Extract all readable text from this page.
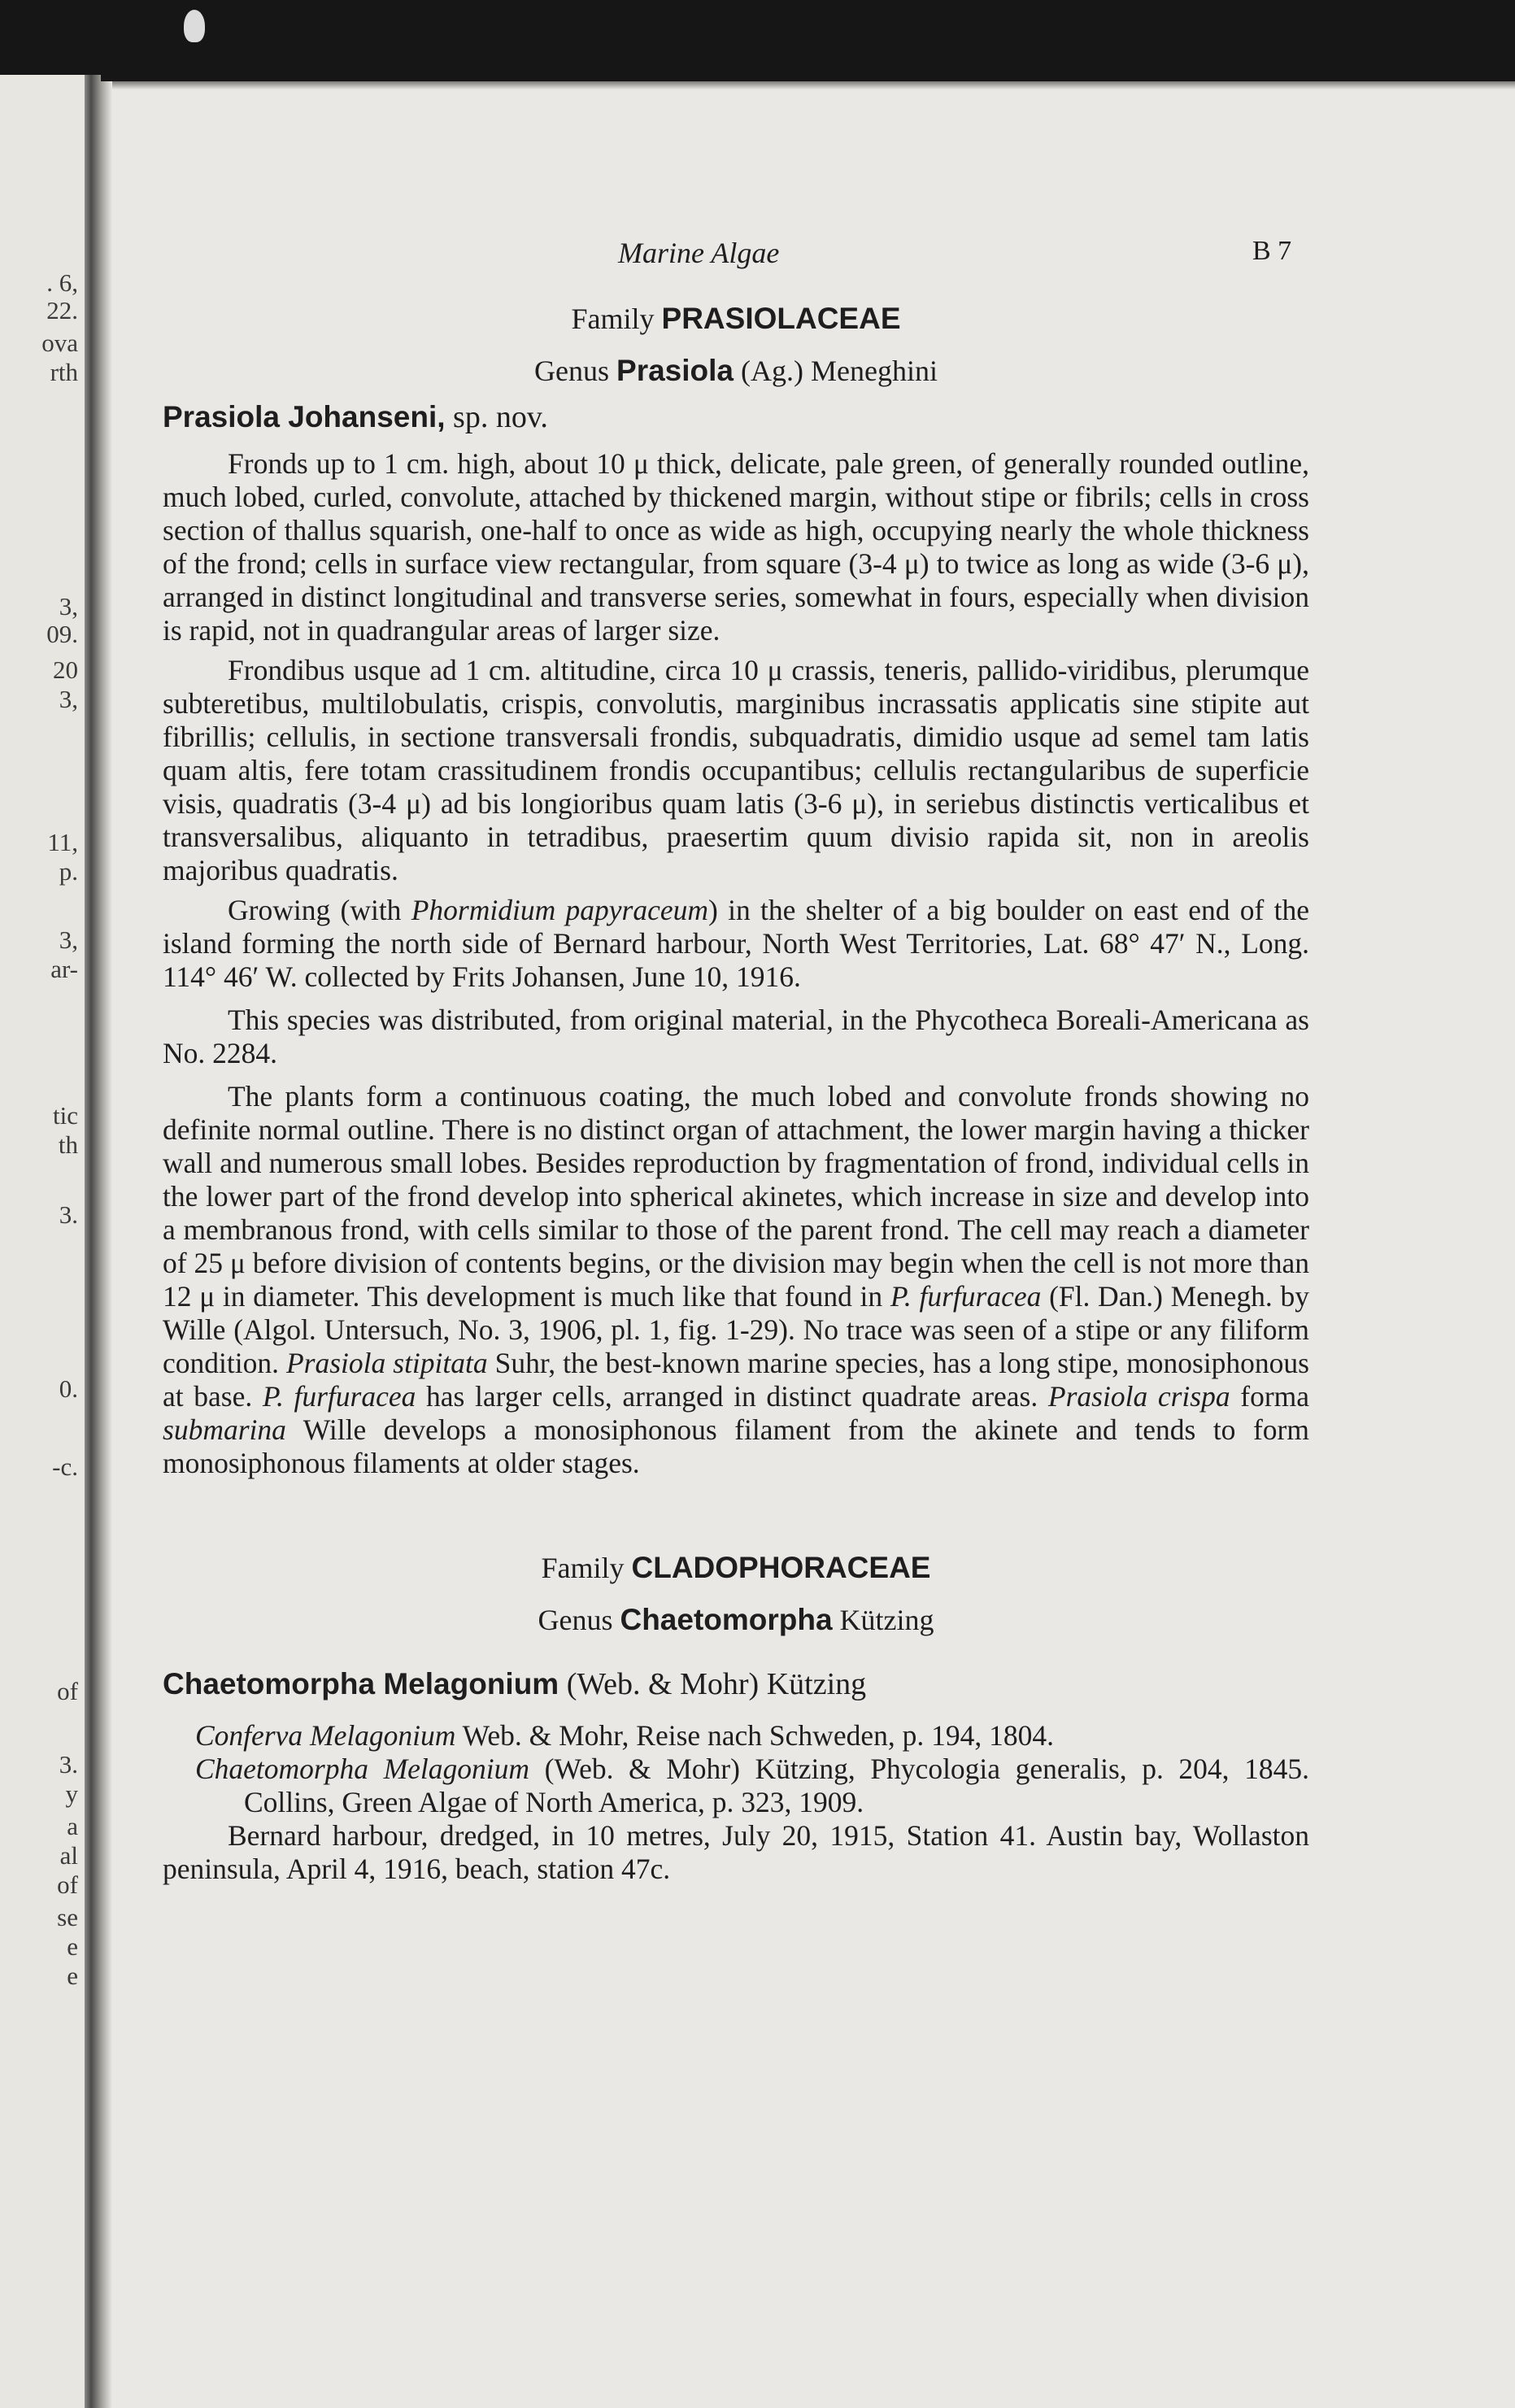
. 6,
22.
ova
rth
3,
09.
20
3,
11,
p.
3,
ar-
tic
th
3.
0.
-c.
of
3.
y
a
al
of
se
e
e
Marine Algae	B 7

Family PRASIOLACEAE

Genus Prasiola (Ag.) Meneghini

Prasiola Johanseni, sp. nov.

Fronds up to 1 cm. high, about 10 μ thick, delicate, pale green, of generally rounded outline, much lobed, curled, convolute, attached by thickened margin, without stipe or fibrils; cells in cross section of thallus squarish, one-half to once as wide as high, occupying nearly the whole thickness of the frond; cells in surface view rectangular, from square (3-4 μ) to twice as long as wide (3-6 μ), arranged in distinct longitudinal and transverse series, somewhat in fours, especially when division is rapid, not in quadrangular areas of larger size.

Frondibus usque ad 1 cm. altitudine, circa 10 μ crassis, teneris, pallido-viridibus, plerumque subteretibus, multilobulatis, crispis, convolutis, marginibus incrassatis applicatis sine stipite aut fibrillis; cellulis, in sectione transversali frondis, subquadratis, dimidio usque ad semel tam latis quam altis, fere totam crassitudinem frondis occupantibus; cellulis rectangularibus de superficie visis, quadratis (3-4 μ) ad bis longioribus quam latis (3-6 μ), in seriebus distinctis verticalibus et transversalibus, aliquanto in tetradibus, praesertim quum divisio rapida sit, non in areolis majoribus quadratis.

Growing (with Phormidium papyraceum) in the shelter of a big boulder on east end of the island forming the north side of Bernard harbour, North West Territories, Lat. 68° 47′ N., Long. 114° 46′ W. collected by Frits Johansen, June 10, 1916.

This species was distributed, from original material, in the Phycotheca Boreali-Americana as No. 2284.

The plants form a continuous coating, the much lobed and convolute fronds showing no definite normal outline. There is no distinct organ of attachment, the lower margin having a thicker wall and numerous small lobes. Besides reproduction by fragmentation of frond, individual cells in the lower part of the frond develop into spherical akinetes, which increase in size and develop into a membranous frond, with cells similar to those of the parent frond. The cell may reach a diameter of 25 μ before division of contents begins, or the division may begin when the cell is not more than 12 μ in diameter. This development is much like that found in P. furfuracea (Fl. Dan.) Menegh. by Wille (Algol. Untersuch, No. 3, 1906, pl. 1, fig. 1-29). No trace was seen of a stipe or any filiform condition. Prasiola stipitata Suhr, the best-known marine species, has a long stipe, monosiphonous at base. P. furfuracea has larger cells, arranged in distinct quadrate areas. Prasiola crispa forma submarina Wille develops a monosiphonous filament from the akinete and tends to form monosiphonous filaments at older stages.

Family CLADOPHORACEAE

Genus Chaetomorpha Kützing

Chaetomorpha Melagonium (Web. & Mohr) Kützing

Conferva Melagonium Web. & Mohr, Reise nach Schweden, p. 194, 1804.

Chaetomorpha Melagonium (Web. & Mohr) Kützing, Phycologia generalis, p. 204, 1845. Collins, Green Algae of North America, p. 323, 1909.

Bernard harbour, dredged, in 10 metres, July 20, 1915, Station 41. Austin bay, Wollaston peninsula, April 4, 1916, beach, station 47c.
